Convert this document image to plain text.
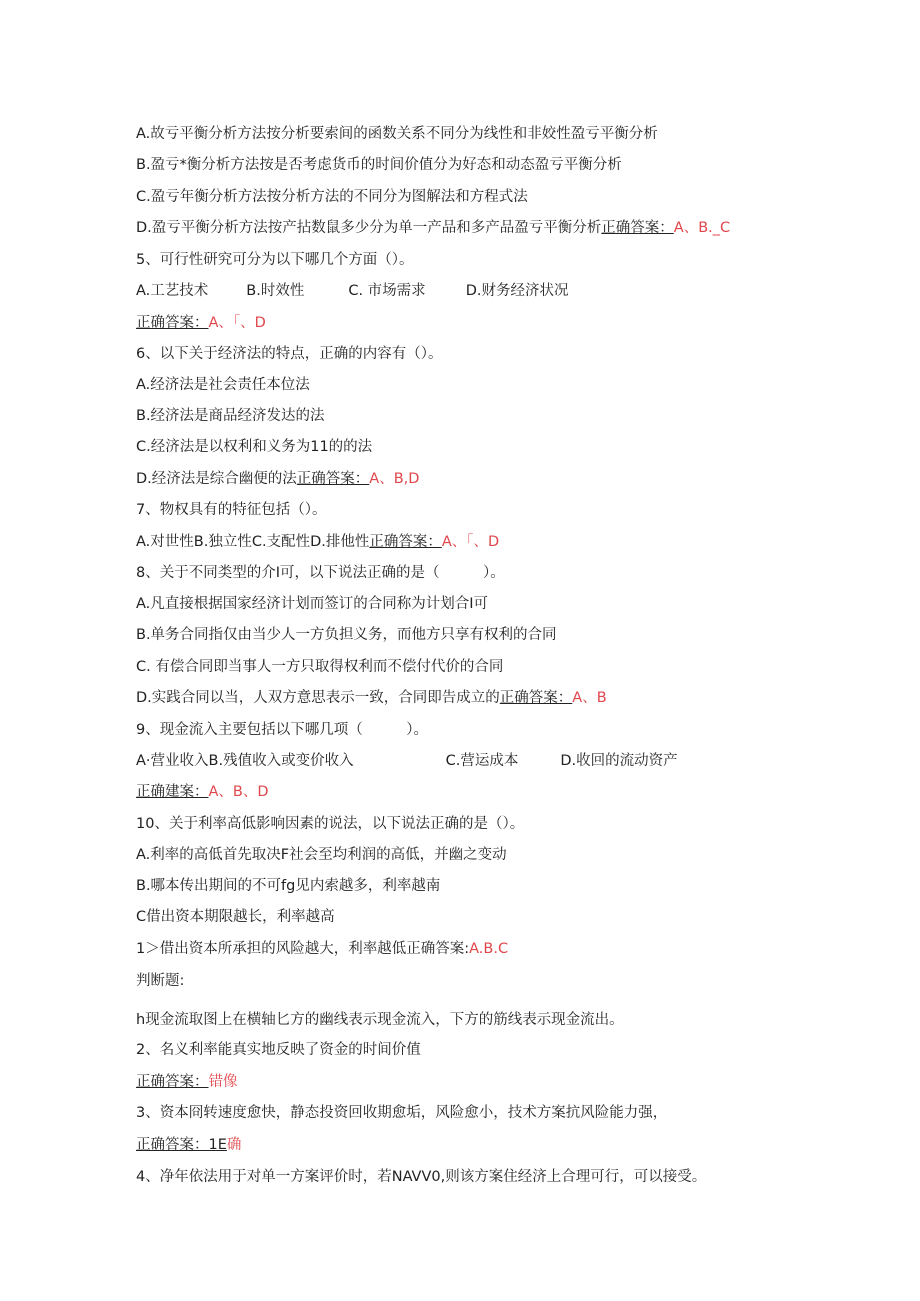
A.故亏平衡分析方法按分析要索间的函数关系不同分为线性和非姣性盈亏平衡分析
B.盈亏*衡分析方法按是否考虑货币的时间价值分为好态和动态盈亏平衡分析
C.盈亏年衡分析方法按分析方法的不同分为图解法和方程式法
D.盈亏平衡分析方法按产拈数鼠多少分为单一产品和多产品盈亏平衡分析正确答案：A、B._C
5、可行性研究可分为以下哪几个方面（）。
A.工艺技术	B.时效性	C. 市场需求	D.财务经济状况
正确答案：A、「、D
6、以下关于经济法的特点，正确的内容有（）。
A.经济法是社会责任本位法
B.经济法是商品经济发达的法
C.经济法是以权利和义务为11的的法
D.经济法是综合幽便的法正确答案：A、B,D
7、物权具有的特征包括（）。
A.对世性B.独立性C.支配性D.排他性正确答案：A、「、D
8、关于不同类型的介Ι可，以下说法正确的是（　　　）。
A.凡直接根据国家经济计划而签订的合同称为计划合Ι可
B.单务合同指仅由当少人一方负担义务，而他方只享有权利的合同
C. 有偿合同即当事人一方只取得权利而不偿付代价的合同
D.实践合同以当，人双方意思表示一致，合同即告成立的正确答案：A、B
9、现金流入主要包括以下哪几项（　　　）。
A·营业收入B.残值收入或变价收入	C.营运成本	D.收回的流动资产
正确建案：A、B、D
10、关于利率高低影响因素的说法，以下说法正确的是（）。
A.利率的高低首先取决F社会至均利润的高低，并幽之变动
B.哪本传出期间的不可fg见内索越多，利率越南
C借出资本期限越长，利率越高
1＞借出资本所承担的风险越大，利率越低正确答案:A.B.C
判断题:
h现金流取图上在横轴匕方的幽线表示现金流入，下方的筋线表示现金流出。
2、名义利率能真实地反映了资金的时间价值
正确答案：错像
3、资本冏转速度愈快，静态投资回收期愈垢，风险愈小，技术方案抗风险能力强，
正确答案：1E确
4、净年依法用于对单一方案评价时，若NAVV0,则该方案住经济上合理可行，可以接受。
